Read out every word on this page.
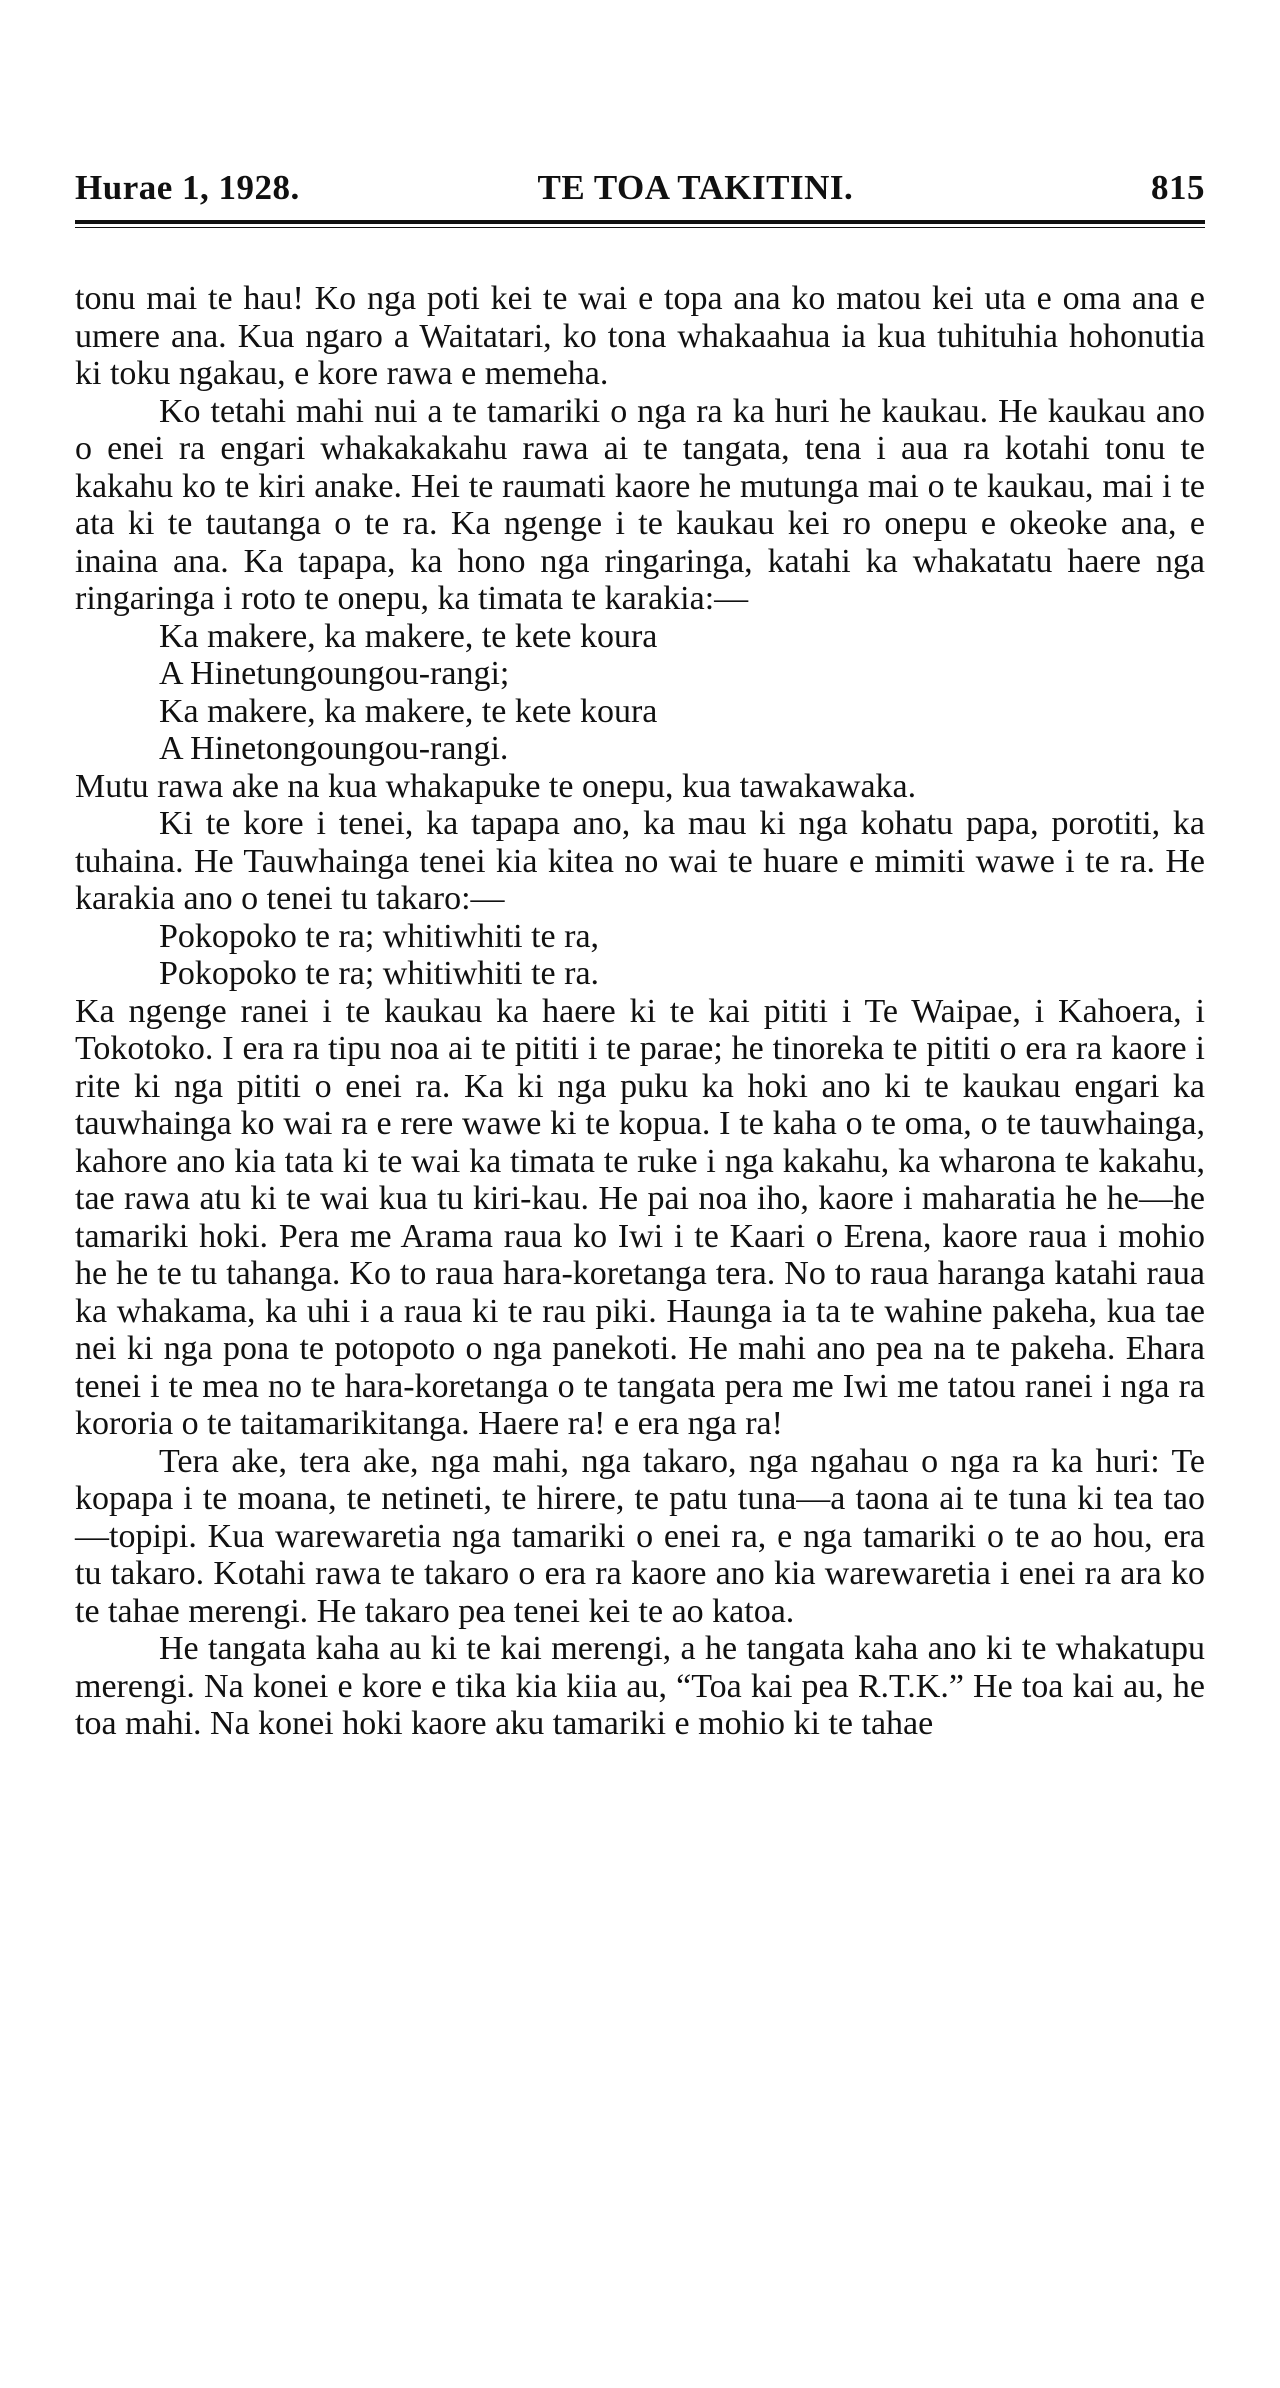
Hurae 1, 1928.	TE TOA TAKITINI.	815

tonu mai te hau! Ko nga poti kei te wai e topa ana ko matou kei uta e oma ana e umere ana. Kua ngaro a Waitatari, ko tona whakaahua ia kua tuhituhia hohonutia ki toku ngakau, e kore rawa e memeha.

Ko tetahi mahi nui a te tamariki o nga ra ka huri he kaukau. He kaukau ano o enei ra engari whakakakahu rawa ai te tangata, tena i aua ra kotahi tonu te kakahu ko te kiri anake. Hei te raumati kaore he mutunga mai o te kaukau, mai i te ata ki te tautanga o te ra. Ka ngenge i te kaukau kei ro onepu e okeoke ana, e inaina ana. Ka tapapa, ka hono nga ringaringa, katahi ka whakatatu haere nga ringaringa i roto te onepu, ka timata te karakia:—

Ka makere, ka makere, te kete koura
A Hinetungoungou-rangi;
Ka makere, ka makere, te kete koura
A Hinetongoungou-rangi.

Mutu rawa ake na kua whakapuke te onepu, kua tawakawaka.

Ki te kore i tenei, ka tapapa ano, ka mau ki nga kohatu papa, porotiti, ka tuhaina. He Tauwhainga tenei kia kitea no wai te huare e mimiti wawe i te ra. He karakia ano o tenei tu takaro:—

Pokopoko te ra; whitiwhiti te ra,
Pokopoko te ra; whitiwhiti te ra.

Ka ngenge ranei i te kaukau ka haere ki te kai pititi i Te Waipae, i Kahoera, i Tokotoko. I era ra tipu noa ai te pititi i te parae; he tinoreka te pititi o era ra kaore i rite ki nga pititi o enei ra. Ka ki nga puku ka hoki ano ki te kaukau engari ka tauwhainga ko wai ra e rere wawe ki te kopua. I te kaha o te oma, o te tauwhainga, kahore ano kia tata ki te wai ka timata te ruke i nga kakahu, ka wharona te kakahu, tae rawa atu ki te wai kua tu kiri-kau. He pai noa iho, kaore i maharatia he he—he tamariki hoki. Pera me Arama raua ko Iwi i te Kaari o Erena, kaore raua i mohio he he te tu tahanga. Ko to raua hara-koretanga tera. No to raua haranga katahi raua ka whakama, ka uhi i a raua ki te rau piki. Haunga ia ta te wahine pakeha, kua tae nei ki nga pona te potopoto o nga panekoti. He mahi ano pea na te pakeha. Ehara tenei i te mea no te hara-koretanga o te tangata pera me Iwi me tatou ranei i nga ra kororia o te taitamarikitanga. Haere ra! e era nga ra!

Tera ake, tera ake, nga mahi, nga takaro, nga ngahau o nga ra ka huri: Te kopapa i te moana, te netineti, te hirere, te patu tuna—a taona ai te tuna ki tea tao—topipi. Kua warewaretia nga tamariki o enei ra, e nga tamariki o te ao hou, era tu takaro. Kotahi rawa te takaro o era ra kaore ano kia warewaretia i enei ra ara ko te tahae merengi. He takaro pea tenei kei te ao katoa.

He tangata kaha au ki te kai merengi, a he tangata kaha ano ki te whakatupu merengi. Na konei e kore e tika kia kiia au, “Toa kai pea R.T.K.” He toa kai au, he toa mahi. Na konei hoki kaore aku tamariki e mohio ki te tahae
